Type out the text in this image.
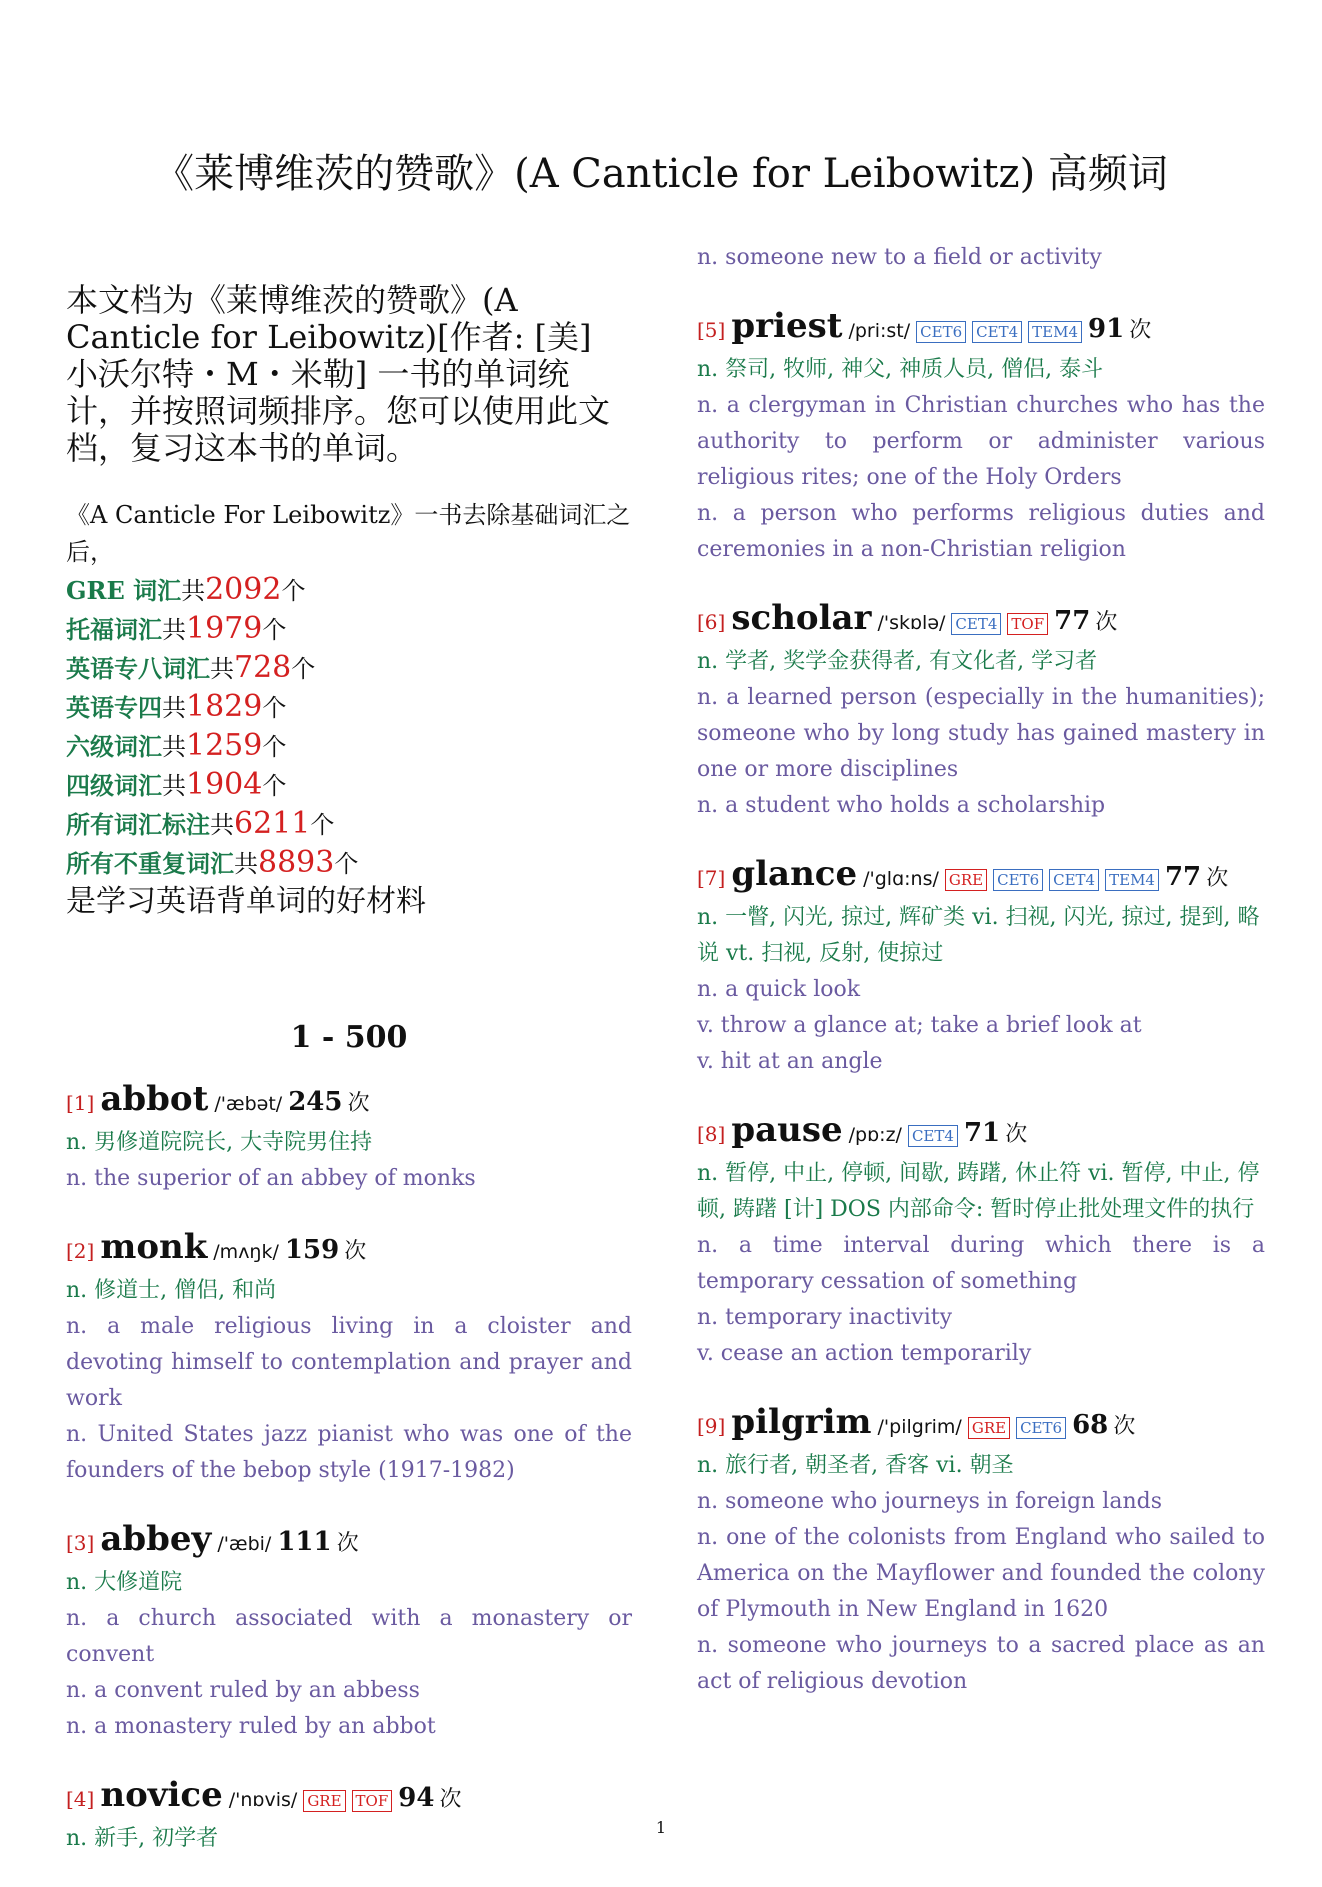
《莱博维茨的赞歌》(A Canticle for Leibowitz) 高频词

本文档为《莱博维茨的赞歌》(A Canticle for Leibowitz)[作者: [美] 小沃尔特・M・米勒] 一书的单词统计，并按照词频排序。您可以使用此文档，复习这本书的单词。

《A Canticle For Leibowitz》一书去除基础词汇之后，

GRE 词汇共2092个

托福词汇共1979个

英语专八词汇共728个

英语专四共1829个

六级词汇共1259个

四级词汇共1904个

所有词汇标注共6211个

所有不重复词汇共8893个

是学习英语背单词的好材料

1 - 500

[1] abbot /'æbət/ 245 次

n. 男修道院院长, 大寺院男住持

n. the superior of an abbey of monks

[2] monk /mʌŋk/ 159 次

n. 修道士, 僧侣, 和尚

n. a male religious living in a cloister and devoting himself to contemplation and prayer and work

n. United States jazz pianist who was one of the founders of the bebop style (1917-1982)

[3] abbey /'æbi/ 111 次

n. 大修道院

n. a church associated with a monastery or convent

n. a convent ruled by an abbess

n. a monastery ruled by an abbot

[4] novice /'nɒvis/ GRE TOF 94 次

n. 新手, 初学者

n. someone new to a field or activity

[5] priest /pri:st/ CET6 CET4 TEM4 91 次

n. 祭司, 牧师, 神父, 神质人员, 僧侣, 泰斗

n. a clergyman in Christian churches who has the authority to perform or administer various religious rites; one of the Holy Orders

n. a person who performs religious duties and ceremonies in a non-Christian religion

[6] scholar /'skɒlə/ CET4 TOF 77 次

n. 学者, 奖学金获得者, 有文化者, 学习者

n. a learned person (especially in the humanities); someone who by long study has gained mastery in one or more disciplines

n. a student who holds a scholarship

[7] glance /'glɑ:ns/ GRE CET6 CET4 TEM4 77 次

n. 一瞥, 闪光, 掠过, 辉矿类 vi. 扫视, 闪光, 掠过, 提到, 略说 vt. 扫视, 反射, 使掠过

n. a quick look

v. throw a glance at; take a brief look at

v. hit at an angle

[8] pause /pɒ:z/ CET4 71 次

n. 暂停, 中止, 停顿, 间歇, 踌躇, 休止符 vi. 暂停, 中止, 停顿, 踌躇 [计] DOS 内部命令: 暂时停止批处理文件的执行

n. a time interval during which there is a temporary cessation of something

n. temporary inactivity

v. cease an action temporarily

[9] pilgrim /'pilgrim/ GRE CET6 68 次

n. 旅行者, 朝圣者, 香客 vi. 朝圣

n. someone who journeys in foreign lands

n. one of the colonists from England who sailed to America on the Mayflower and founded the colony of Plymouth in New England in 1620

n. someone who journeys to a sacred place as an act of religious devotion

1
